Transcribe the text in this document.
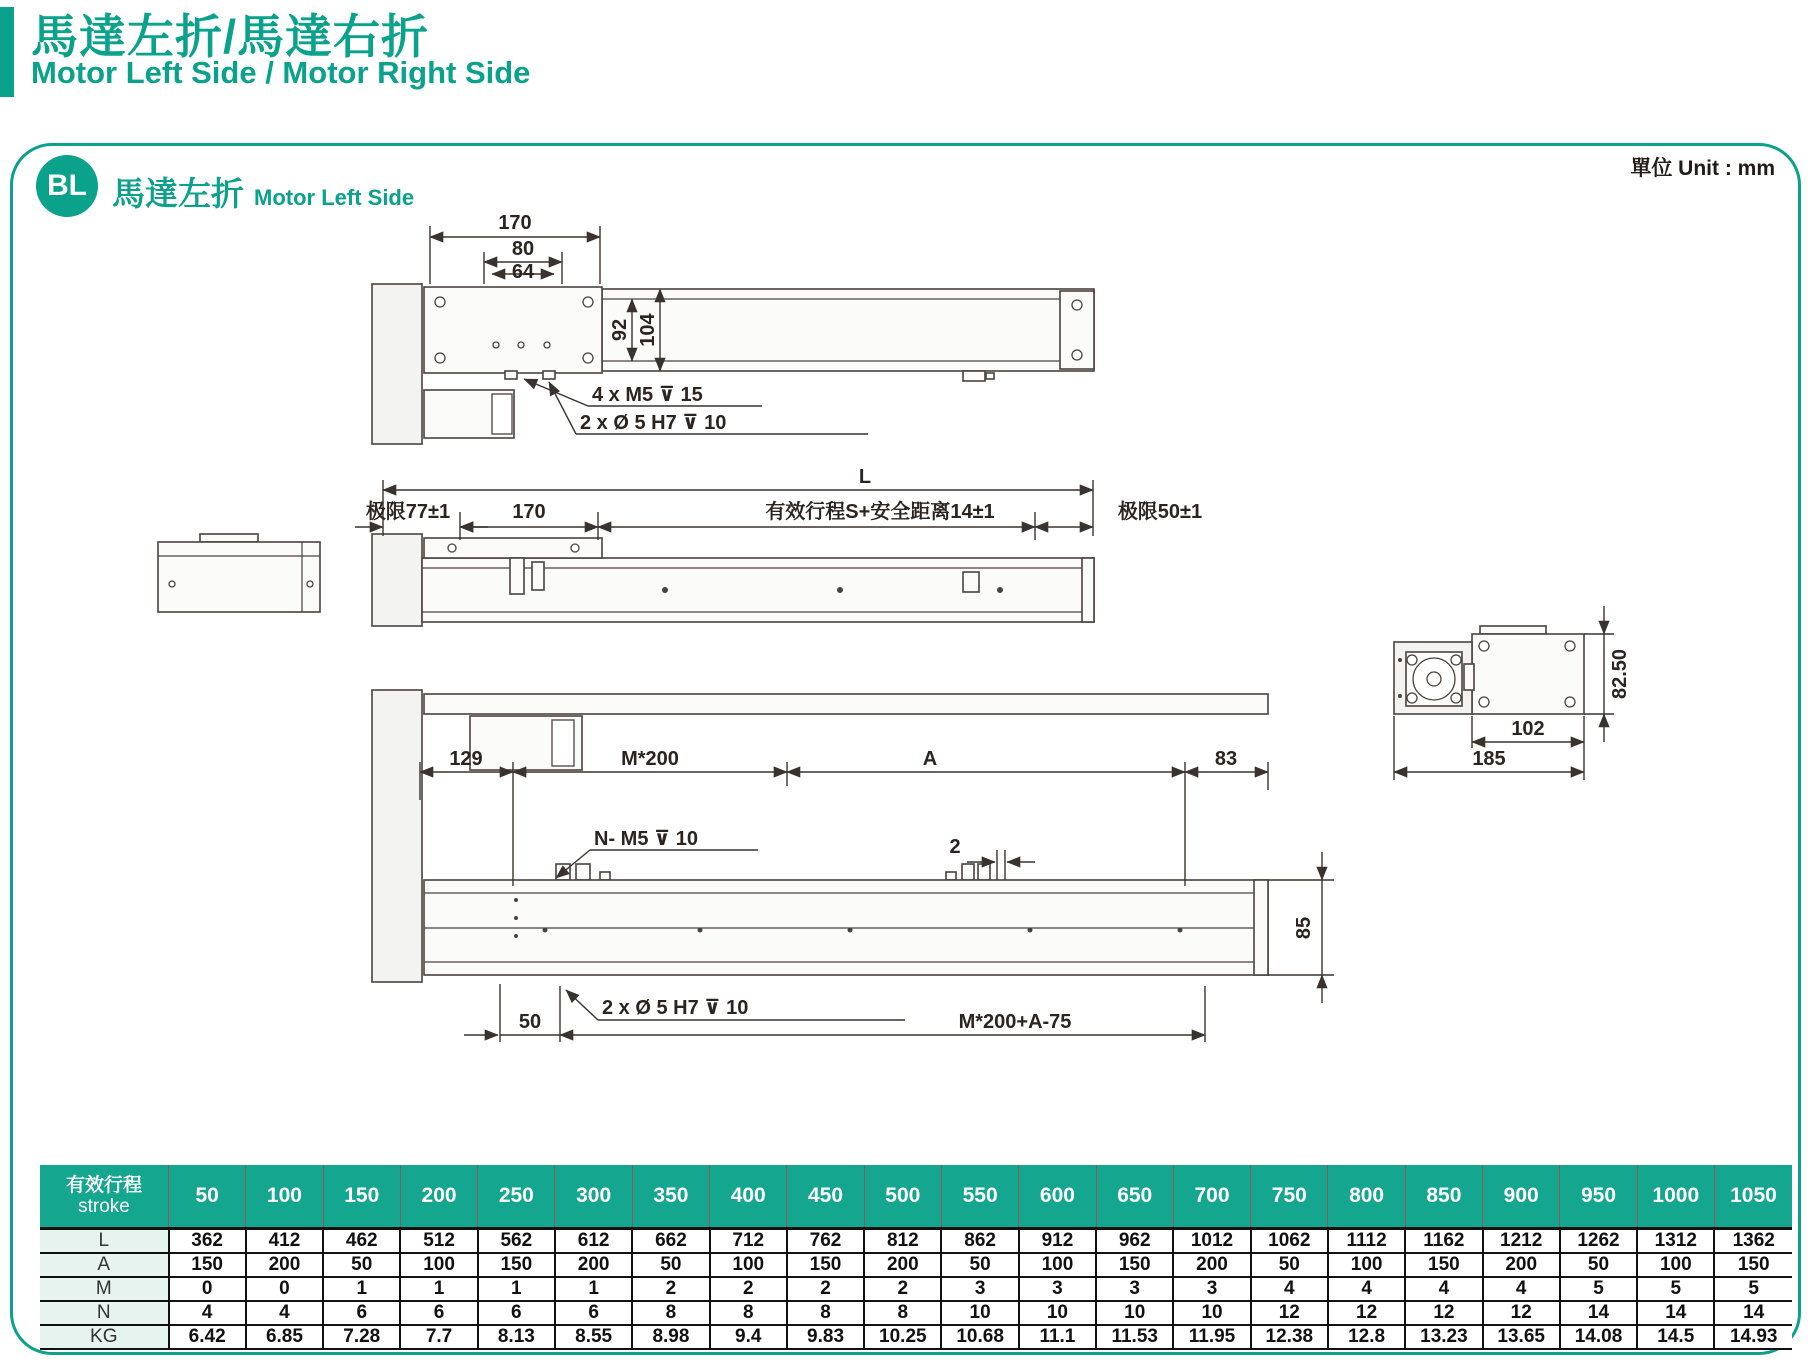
馬達左折/馬達右折
Motor Left Side / Motor Right Side
單位 Unit : mm
BL 馬達左折 Motor Left Side
170
80
64
92 104
4 x M5 ⊽ 15
2 x Ø 5 H7 ⊽ 10
L
极限77±1	170	有效行程S+安全距离14±1	极限50±1
82.50
102
185
129	M*200	A	83
N- M5 ⊽ 10	2
85
50
2 x Ø 5 H7 ⊽ 10
M*200+A-75
有效行程
stroke	50	100	150	200	250	300	350	400	450	500	550	600	650	700	750	800	850	900	950	1000	1050
L	362	412	462	512	562	612	662	712	762	812	862	912	962	1012	1062	1112	1162	1212	1262	1312	1362
A	150	200	50	100	150	200	50	100	150	200	50	100	150	200	50	100	150	200	50	100	150
M	0	0	1	1	1	1	2	2	2	2	3	3	3	3	4	4	4	4	5	5	5
N	4	4	6	6	6	6	8	8	8	8	10	10	10	10	12	12	12	12	14	14	14
KG	6.42	6.85	7.28	7.7	8.13	8.55	8.98	9.4	9.83	10.25	10.68	11.1	11.53	11.95	12.38	12.8	13.23	13.65	14.08	14.5	14.93
